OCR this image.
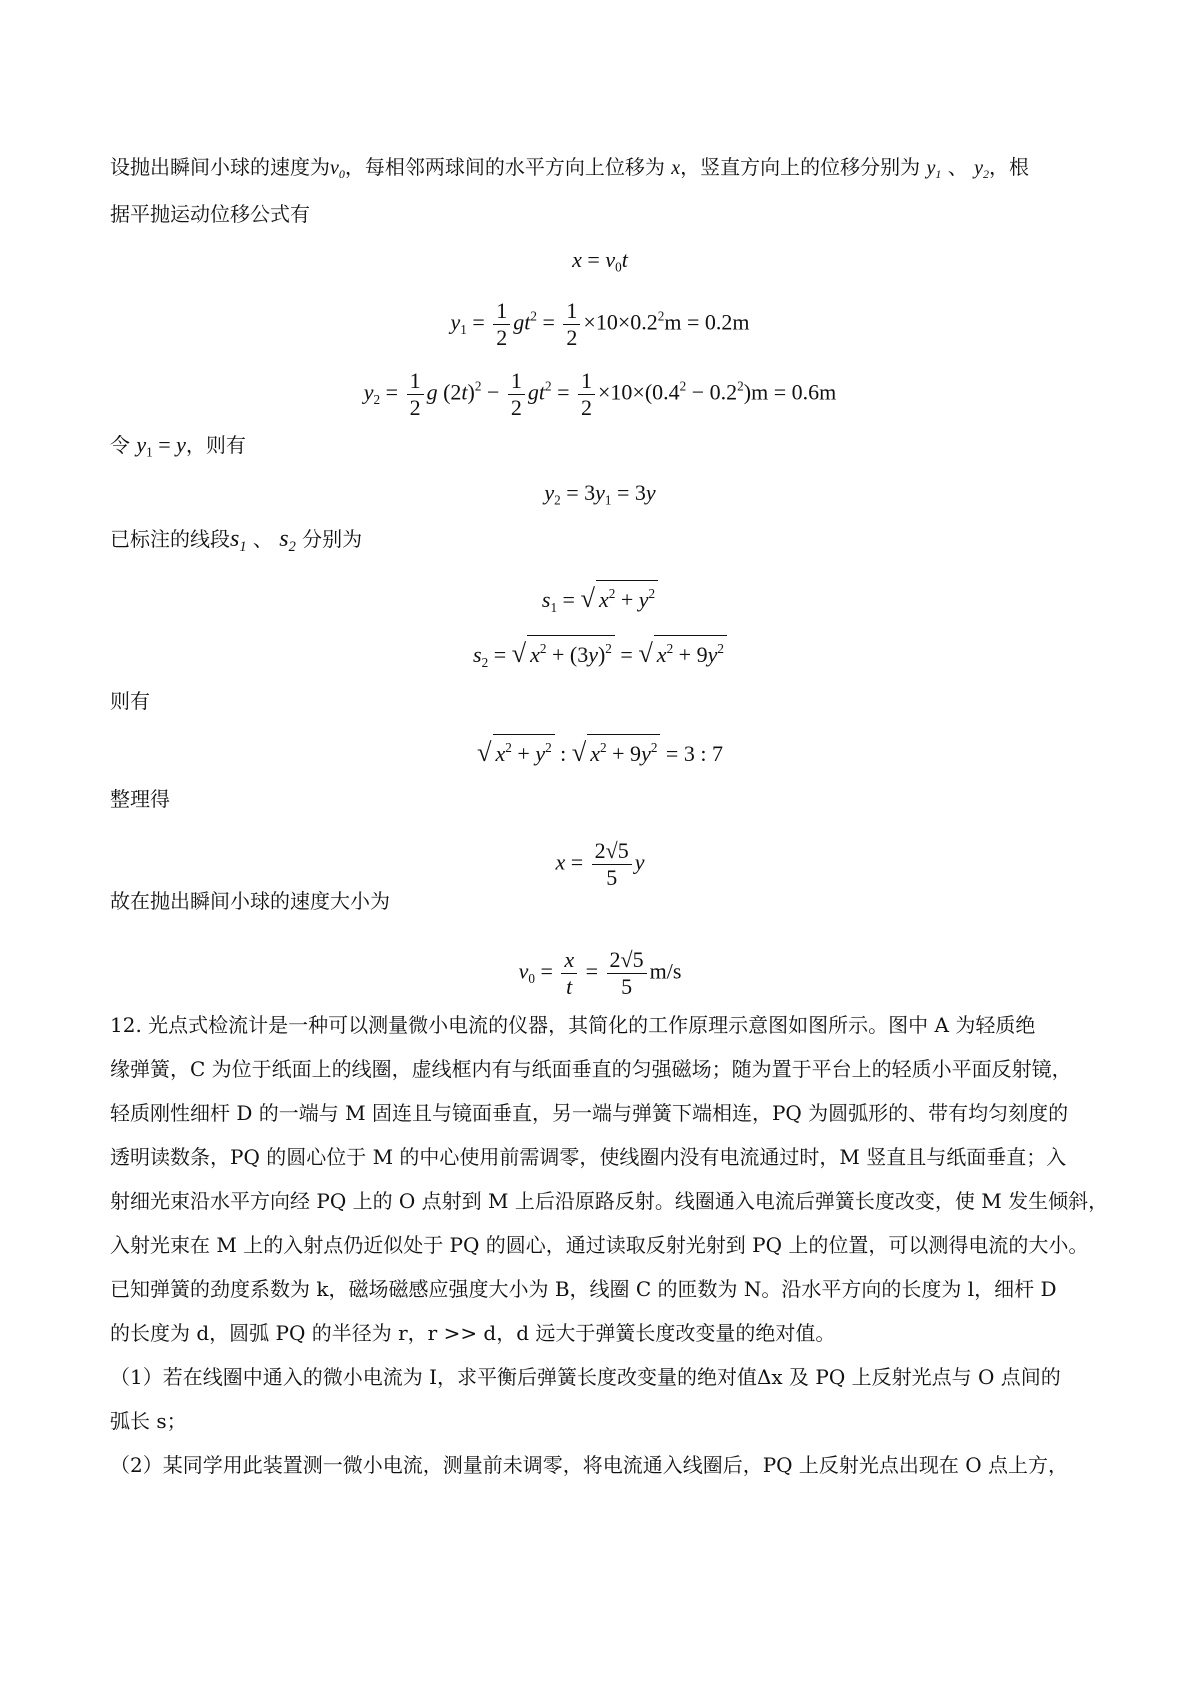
设抛出瞬间小球的速度为$v_0$，每相邻两球间的水平方向上位移为 x，竖直方向上的位移分别为 $y_1$ 、 $y_2$，根
据平抛运动位移公式有
$x = v_0t$
$y_1 = \frac{1}{2} gt^2 = \frac{1}{2} \times 10\times 0.2^2m = 0.2m$
$y_2 = \frac{1}{2}$ g $(2t)^2 - \frac{1}{2} gt^2 = \frac{1}{2} \times 10\times(0.4^2 - 0.2^2)m = 0.6m$
令 $y_1 = y$，则有
$y_2 = 3y_1 = 3y$
已标注的线段$s_1$ 、 $s_2$ 分别为
$s_1$ = √ $x^2 + y^2$
$s_2$ = √ $x^2 + (3y)^2$ = √ $x^2 + 9y^2$
则有
√ $x^2 + y^2$ : √ $x^2 + 9y^2 = 3$ : 7
整理得
$x = \frac{2√5}{5}$ y
故在抛出瞬间小球的速度大小为
$v_0 = \frac{x}{t} = \frac{2√5}{5} m/s$
12. 光点式检流计是一种可以测量微小电流的仪器，其简化的工作原理示意图如图所示。图中 A 为轻质绝
缘弹簧，C 为位于纸面上的线圈，虚线框内有与纸面垂直的匀强磁场；随为置于平台上的轻质小平面反射镜，
轻质刚性细杆 D 的一端与 M 固连且与镜面垂直，另一端与弹簧下端相连，PQ 为圆弧形的、带有均匀刻度的
透明读数条，PQ 的圆心位于 M 的中心使用前需调零，使线圈内没有电流通过时，M 竖直且与纸面垂直；入
射细光束沿水平方向经 PQ 上的 O 点射到 M 上后沿原路反射。线圈通入电流后弹簧长度改变，使 M 发生倾斜，
入射光束在 M 上的入射点仍近似处于 PQ 的圆心，通过读取反射光射到 PQ 上的位置，可以测得电流的大小。
已知弹簧的劲度系数为 k，磁场磁感应强度大小为 B，线圈 C 的匝数为 N。沿水平方向的长度为 l，细杆 D
的长度为 d，圆弧 PQ 的半径为 r，r >> d，d 远大于弹簧长度改变量的绝对值。
（1）若在线圈中通入的微小电流为 I，求平衡后弹簧长度改变量的绝对值Δx 及 PQ 上反射光点与 O 点间的
弧长 s；
（2）某同学用此装置测一微小电流，测量前未调零，将电流通入线圈后，PQ 上反射光点出现在 O 点上方，
